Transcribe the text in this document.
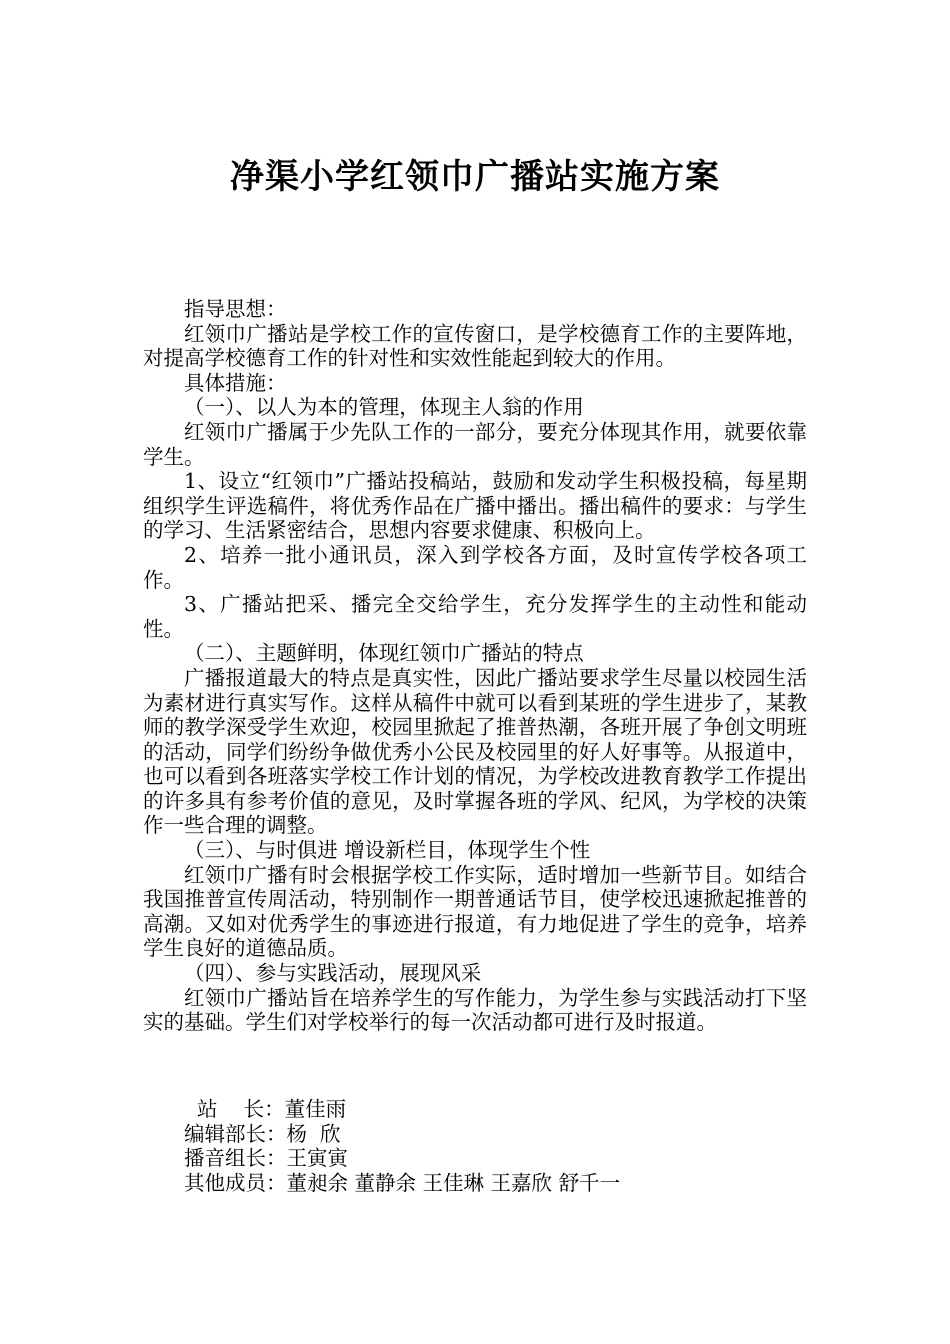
净渠小学红领巾广播站实施方案

指导思想：

红领巾广播站是学校工作的宣传窗口，是学校德育工作的主要阵地，对提高学校德育工作的针对性和实效性能起到较大的作用。

具体措施：

（一）、以人为本的管理，体现主人翁的作用

红领巾广播属于少先队工作的一部分，要充分体现其作用，就要依靠学生。

1、设立“红领巾”广播站投稿站，鼓励和发动学生积极投稿，每星期组织学生评选稿件，将优秀作品在广播中播出。播出稿件的要求：与学生的学习、生活紧密结合，思想内容要求健康、积极向上。

2、培养一批小通讯员，深入到学校各方面，及时宣传学校各项工作。

3、广播站把采、播完全交给学生，充分发挥学生的主动性和能动性。

（二）、主题鲜明，体现红领巾广播站的特点

广播报道最大的特点是真实性，因此广播站要求学生尽量以校园生活为素材进行真实写作。这样从稿件中就可以看到某班的学生进步了，某教师的教学深受学生欢迎，校园里掀起了推普热潮，各班开展了争创文明班的活动，同学们纷纷争做优秀小公民及校园里的好人好事等。从报道中，也可以看到各班落实学校工作计划的情况，为学校改进教育教学工作提出的许多具有参考价值的意见，及时掌握各班的学风、纪风，为学校的决策作一些合理的调整。

（三）、与时俱进 增设新栏目，体现学生个性

红领巾广播有时会根据学校工作实际，适时增加一些新节目。如结合我国推普宣传周活动，特别制作一期普通话节目，使学校迅速掀起推普的高潮。又如对优秀学生的事迹进行报道，有力地促进了学生的竞争，培养学生良好的道德品质。

（四）、参与实践活动，展现风采

红领巾广播站旨在培养学生的写作能力，为学生参与实践活动打下坚实的基础。学生们对学校举行的每一次活动都可进行及时报道。

站    长：董佳雨

编辑部长：杨  欣

播音组长：王寅寅

其他成员：董昶余 董静余 王佳琳 王嘉欣 舒千一
